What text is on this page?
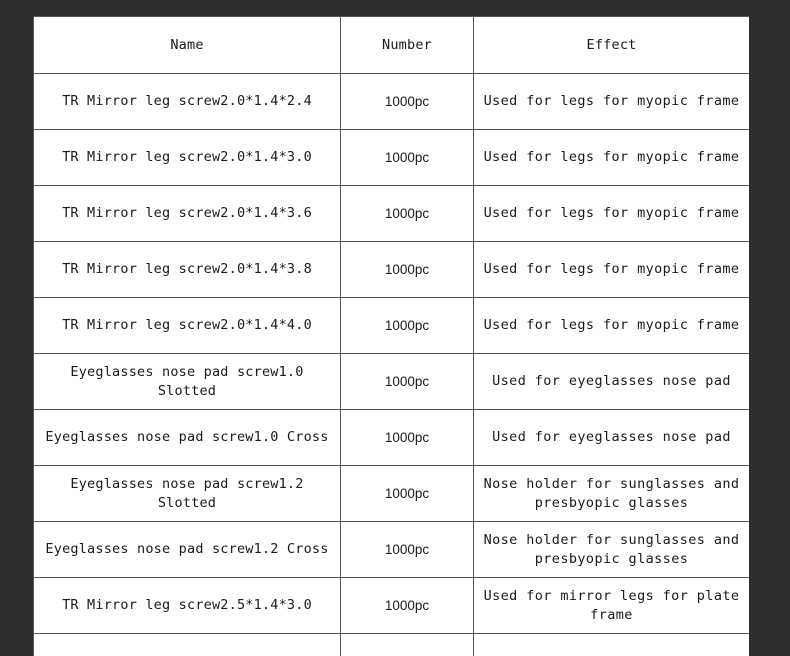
Name	Number	Effect
TR Mirror leg screw2.0*1.4*2.4	1000pc	Used for legs for myopic frame
TR Mirror leg screw2.0*1.4*3.0	1000pc	Used for legs for myopic frame
TR Mirror leg screw2.0*1.4*3.6	1000pc	Used for legs for myopic frame
TR Mirror leg screw2.0*1.4*3.8	1000pc	Used for legs for myopic frame
TR Mirror leg screw2.0*1.4*4.0	1000pc	Used for legs for myopic frame
Eyeglasses nose pad screw1.0 Slotted	1000pc	Used for eyeglasses nose pad
Eyeglasses nose pad screw1.0 Cross	1000pc	Used for eyeglasses nose pad
Eyeglasses nose pad screw1.2 Slotted	1000pc	Nose holder for sunglasses and presbyopic glasses
Eyeglasses nose pad screw1.2 Cross	1000pc	Nose holder for sunglasses and presbyopic glasses
TR Mirror leg screw2.5*1.4*3.0	1000pc	Used for mirror legs for plate frame
